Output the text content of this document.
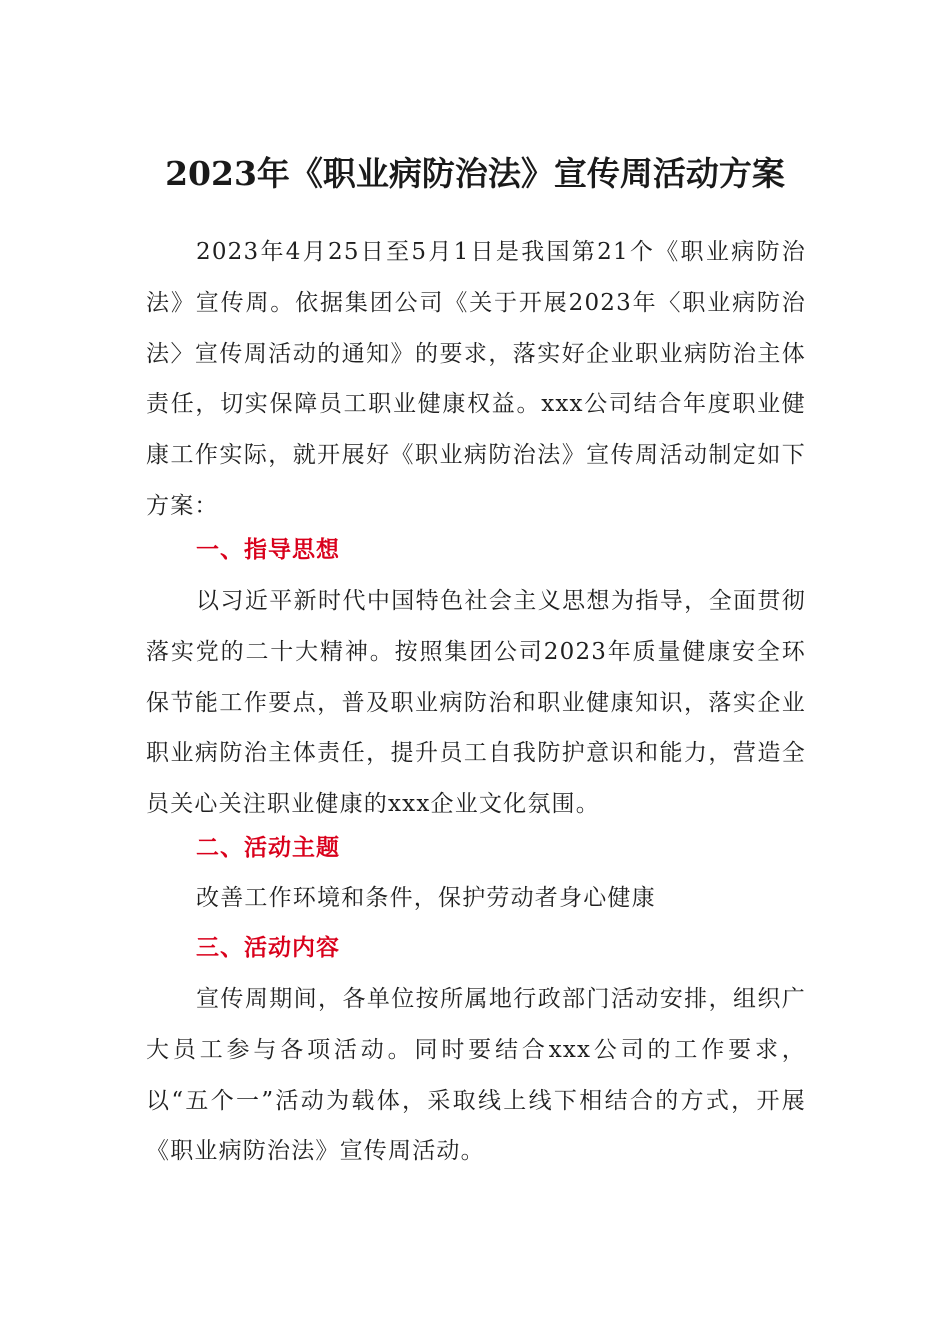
2023年《职业病防治法》宣传周活动方案
2023年4月25日至5月1日是我国第21个《职业病防治法》宣传周。依据集团公司《关于开展2023年〈职业病防治法〉宣传周活动的通知》的要求，落实好企业职业病防治主体责任，切实保障员工职业健康权益。xxx公司结合年度职业健康工作实际，就开展好《职业病防治法》宣传周活动制定如下方案：
一、指导思想
以习近平新时代中国特色社会主义思想为指导，全面贯彻落实党的二十大精神。按照集团公司2023年质量健康安全环保节能工作要点，普及职业病防治和职业健康知识，落实企业职业病防治主体责任，提升员工自我防护意识和能力，营造全员关心关注职业健康的xxx企业文化氛围。
二、活动主题
改善工作环境和条件，保护劳动者身心健康
三、活动内容
宣传周期间，各单位按所属地行政部门活动安排，组织广大员工参与各项活动。同时要结合xxx公司的工作要求，以“五个一”活动为载体，采取线上线下相结合的方式，开展《职业病防治法》宣传周活动。
